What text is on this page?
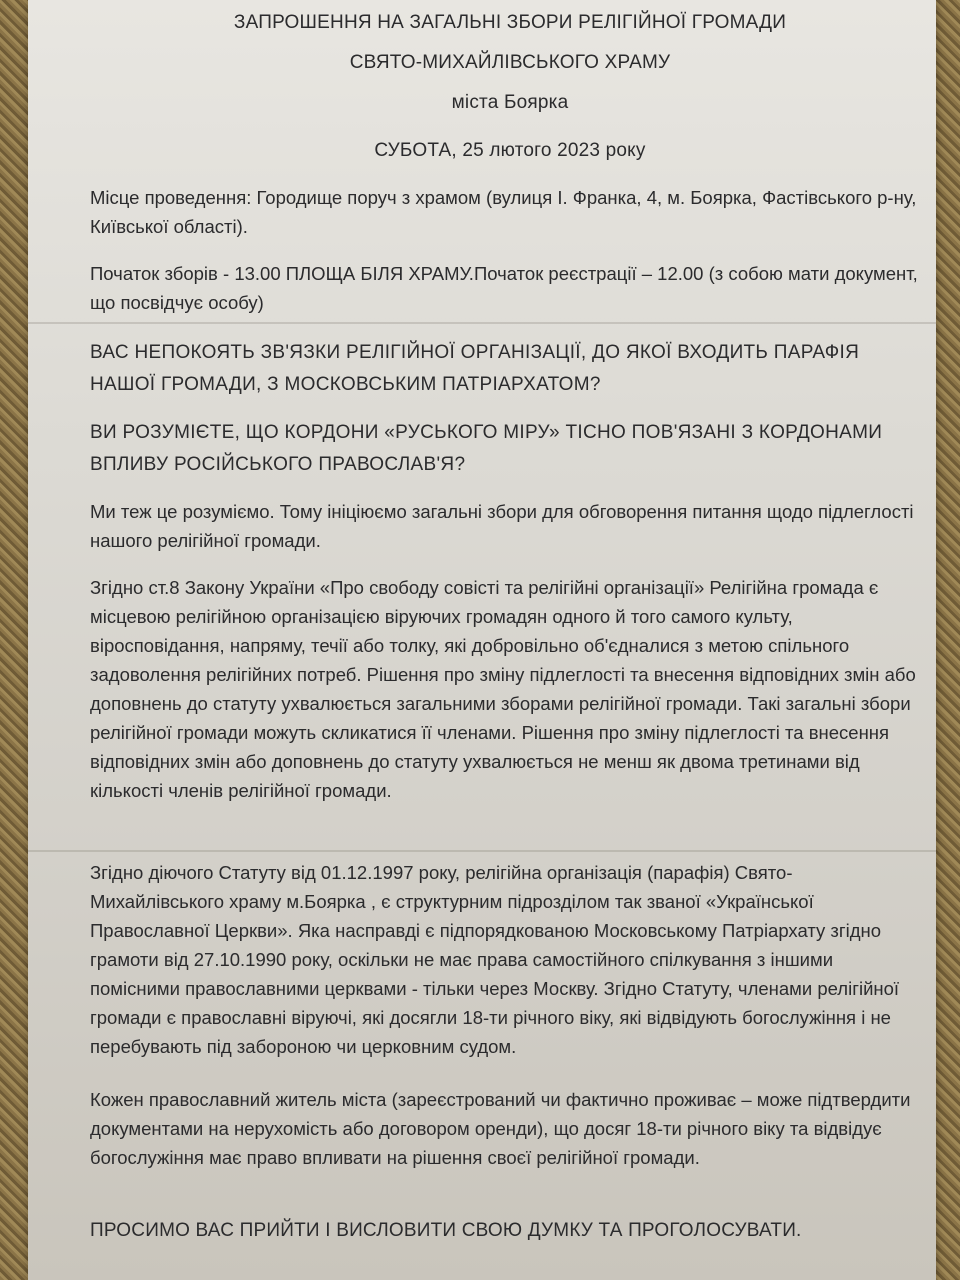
ЗАПРОШЕННЯ НА ЗАГАЛЬНІ ЗБОРИ РЕЛІГІЙНОЇ ГРОМАДИ
СВЯТО-МИХАЙЛІВСЬКОГО ХРАМУ
міста Боярка
СУБОТА, 25 лютого 2023 року
Місце проведення: Городище поруч з храмом (вулиця І. Франка, 4, м. Боярка, Фастівського р-ну, Київської області).
Початок зборів - 13.00 ПЛОЩА БІЛЯ ХРАМУ.Початок реєстрації – 12.00 (з собою мати документ, що посвідчує особу)
ВАС НЕПОКОЯТЬ ЗВ'ЯЗКИ РЕЛІГІЙНОЇ ОРГАНІЗАЦІЇ, ДО ЯКОЇ ВХОДИТЬ ПАРАФІЯ НАШОЇ ГРОМАДИ, З МОСКОВСЬКИМ ПАТРІАРХАТОМ?
ВИ РОЗУМІЄТЕ, ЩО КОРДОНИ «РУСЬКОГО МІРУ» ТІСНО ПОВ'ЯЗАНІ З КОРДОНАМИ ВПЛИВУ РОСІЙСЬКОГО ПРАВОСЛАВ'Я?
Ми теж це розуміємо. Тому ініціюємо загальні збори для обговорення питання щодо підлеглості нашого релігійної громади.
Згідно ст.8 Закону України «Про свободу совісті та релігійні організації» Релігійна громада є місцевою релігійною організацією віруючих громадян одного й того самого культу, віросповідання, напряму, течії або толку, які добровільно об'єдналися з метою спільного задоволення релігійних потреб. Рішення про зміну підлеглості та внесення відповідних змін або доповнень до статуту ухвалюється загальними зборами релігійної громади. Такі загальні збори релігійної громади можуть скликатися її членами. Рішення про зміну підлеглості та внесення відповідних змін або доповнень до статуту ухвалюється не менш як двома третинами від кількості членів релігійної громади.
Згідно діючого Статуту від 01.12.1997 року, релігійна організація (парафія) Свято-Михайлівського храму м.Боярка , є структурним підрозділом так званої «Української Православної Церкви». Яка насправді є підпорядкованою Московському Патріархату згідно грамоти від 27.10.1990 року, оскільки не має права самостійного спілкування з іншими помісними православними церквами - тільки через Москву. Згідно Статуту, членами релігійної громади є православні віруючі, які досягли 18-ти річного віку, які відвідують богослужіння і не перебувають під забороною чи церковним судом.
Кожен православний житель міста (зареєстрований чи фактично проживає – може підтвердити документами на нерухомість або договором оренди), що досяг 18-ти річного віку та відвідує богослужіння має право впливати на рішення своєї релігійної громади.
ПРОСИМО ВАС ПРИЙТИ І ВИСЛОВИТИ СВОЮ ДУМКУ ТА ПРОГОЛОСУВАТИ.
